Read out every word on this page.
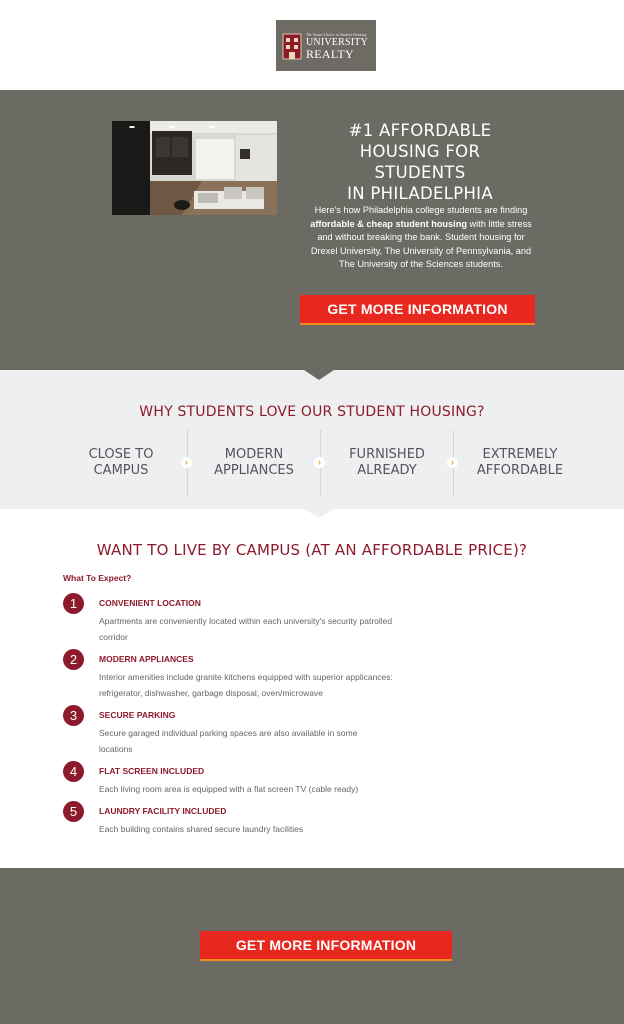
The Smart Choice in Student Housing
UNIVERSITY
REALTY
#1 AFFORDABLE
HOUSING FOR
STUDENTS
IN PHILADELPHIA
Here's how Philadelphia college students are finding affordable & cheap student housing with little stress and without breaking the bank. Student housing for Drexel University, The University of Pennsylvania, and The University of the Sciences students.
GET MORE INFORMATION
WHY STUDENTS LOVE OUR STUDENT HOUSING?
CLOSE TO
CAMPUS
›	MODERN
APPLIANCES
›	FURNISHED
ALREADY
›	EXTREMELY
AFFORDABLE
WANT TO LIVE BY CAMPUS (AT AN AFFORDABLE PRICE)?
What To Expect?
1	CONVENIENT LOCATION
Apartments are conveniently located within each university's security patrolled corridor
2	MODERN APPLIANCES
Interior amenities include granite kitchens equipped with superior applicances: refrigerator, dishwasher, garbage disposal, oven/microwave
3	SECURE PARKING
Secure garaged individual parking spaces are also available in some locations
4	FLAT SCREEN INCLUDED
Each living room area is equipped with a flat screen TV (cable ready)
5	LAUNDRY FACILITY INCLUDED
Each building contains shared secure laundry facilities
GET MORE INFORMATION
